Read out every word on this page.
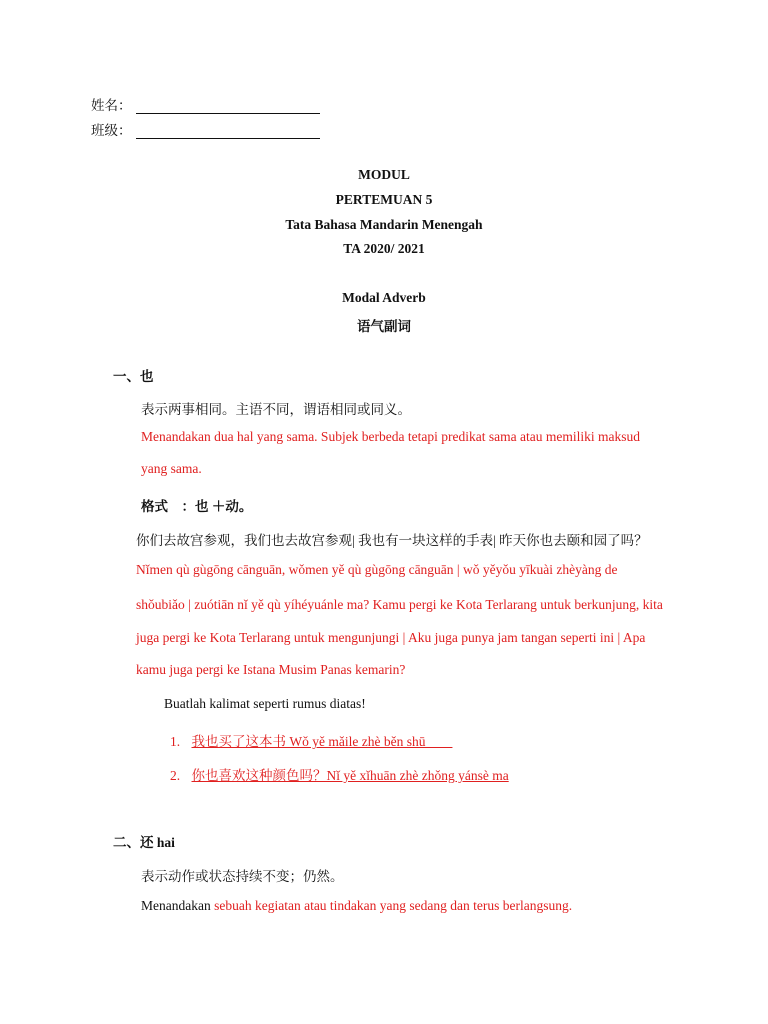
姓名：
班级：
MODUL
PERTEMUAN 5
Tata Bahasa Mandarin Menengah
TA 2020/ 2021
Modal Adverb
语气副词
一、也
表示两事相同。主语不同，谓语相同或同义。
Menandakan dua hal yang sama. Subjek berbeda tetapi predikat sama atau memiliki maksud
yang sama.
格式　：也 ＋动。
你们去故宫参观，我们也去故宫参观| 我也有一块这样的手表| 昨天你也去颐和园了吗？
Nǐmen qù gùgōng cānguān, wǒmen yě qù gùgōng cānguān | wǒ yěyǒu yīkuài zhèyàng de
shǒubiǎo | zuótiān nǐ yě qù yíhéyuánle ma? Kamu pergi ke Kota Terlarang untuk berkunjung, kita
juga pergi ke Kota Terlarang untuk mengunjungi | Aku juga punya jam tangan seperti ini | Apa
kamu juga pergi ke Istana Musim Panas kemarin?
Buatlah kalimat seperti rumus diatas!
1. 我也买了这本书 Wǒ yě mǎile zhè běn shū　　
2. 你也喜欢这种颜色吗？Nǐ yě xǐhuān zhè zhǒng yánsè ma
二、还 hai
表示动作或状态持续不变；仍然。
Menandakan sebuah kegiatan atau tindakan yang sedang dan terus berlangsung.
